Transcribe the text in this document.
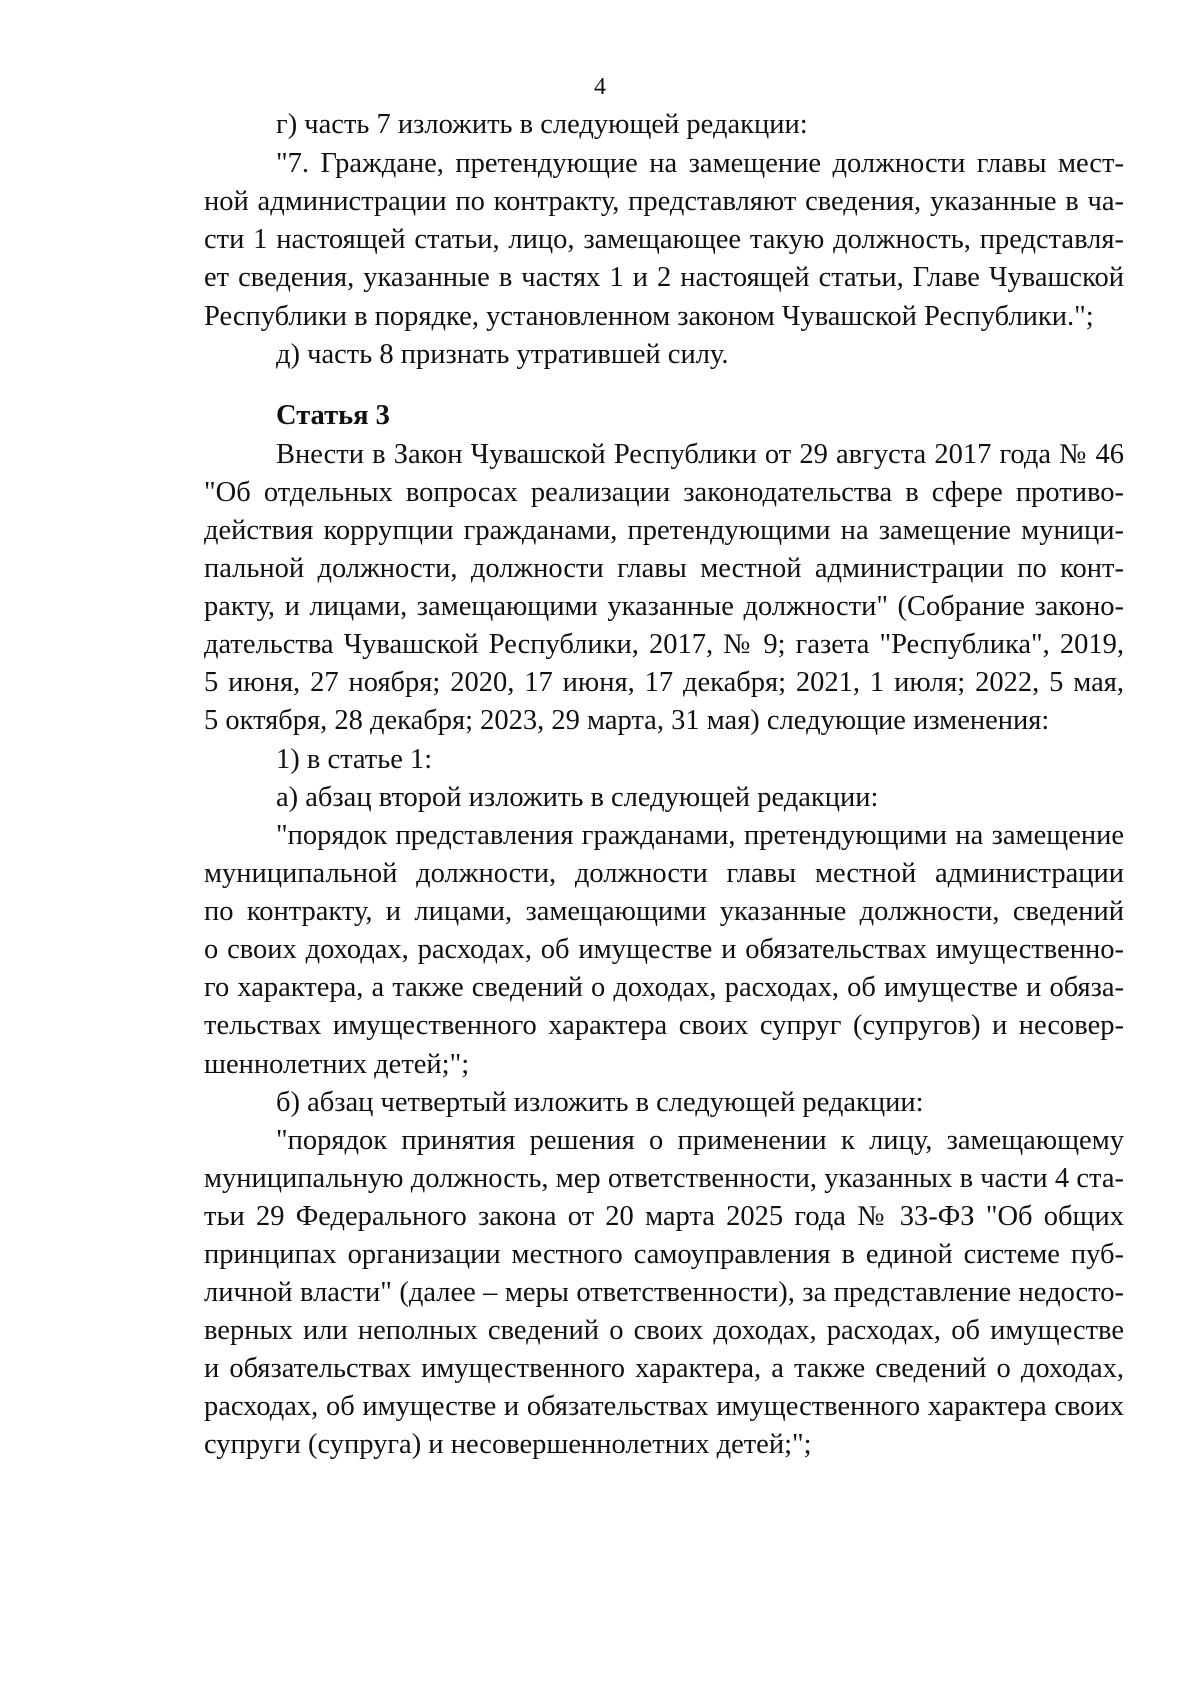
4
г) часть 7 изложить в следующей редакции:
"7. Граждане, претендующие на замещение должности главы мест-
ной администрации по контракту, представляют сведения, указанные в ча-
сти 1 настоящей статьи, лицо, замещающее такую должность, представля-
ет сведения, указанные в частях 1 и 2 настоящей статьи, Главе Чувашской
Республики в порядке, установленном законом Чувашской Республики.";
д) часть 8 признать утратившей силу.
Статья 3
Внести в Закон Чувашской Республики от 29 августа 2017 года № 46
"Об отдельных вопросах реализации законодательства в сфере противо-
действия коррупции гражданами, претендующими на замещение муници-
пальной должности, должности главы местной администрации по конт-
ракту, и лицами, замещающими указанные должности" (Собрание законо-
дательства Чувашской Республики, 2017, № 9; газета "Республика", 2019,
5 июня, 27 ноября; 2020, 17 июня, 17 декабря; 2021, 1 июля; 2022, 5 мая,
5 октября, 28 декабря; 2023, 29 марта, 31 мая) следующие изменения:
1) в статье 1:
а) абзац второй изложить в следующей редакции:
"порядок представления гражданами, претендующими на замещение
муниципальной должности, должности главы местной администрации
по контракту, и лицами, замещающими указанные должности, сведений
о своих доходах, расходах, об имуществе и обязательствах имущественно-
го характера, а также сведений о доходах, расходах, об имуществе и обяза-
тельствах имущественного характера своих супруг (супругов) и несовер-
шеннолетних детей;";
б) абзац четвертый изложить в следующей редакции:
"порядок принятия решения о применении к лицу, замещающему
муниципальную должность, мер ответственности, указанных в части 4 ста-
тьи 29 Федерального закона от 20 марта 2025 года № 33-ФЗ "Об общих
принципах организации местного самоуправления в единой системе пуб-
личной власти" (далее – меры ответственности), за представление недосто-
верных или неполных сведений о своих доходах, расходах, об имуществе
и обязательствах имущественного характера, а также сведений о доходах,
расходах, об имуществе и обязательствах имущественного характера своих
супруги (супруга) и несовершеннолетних детей;";
